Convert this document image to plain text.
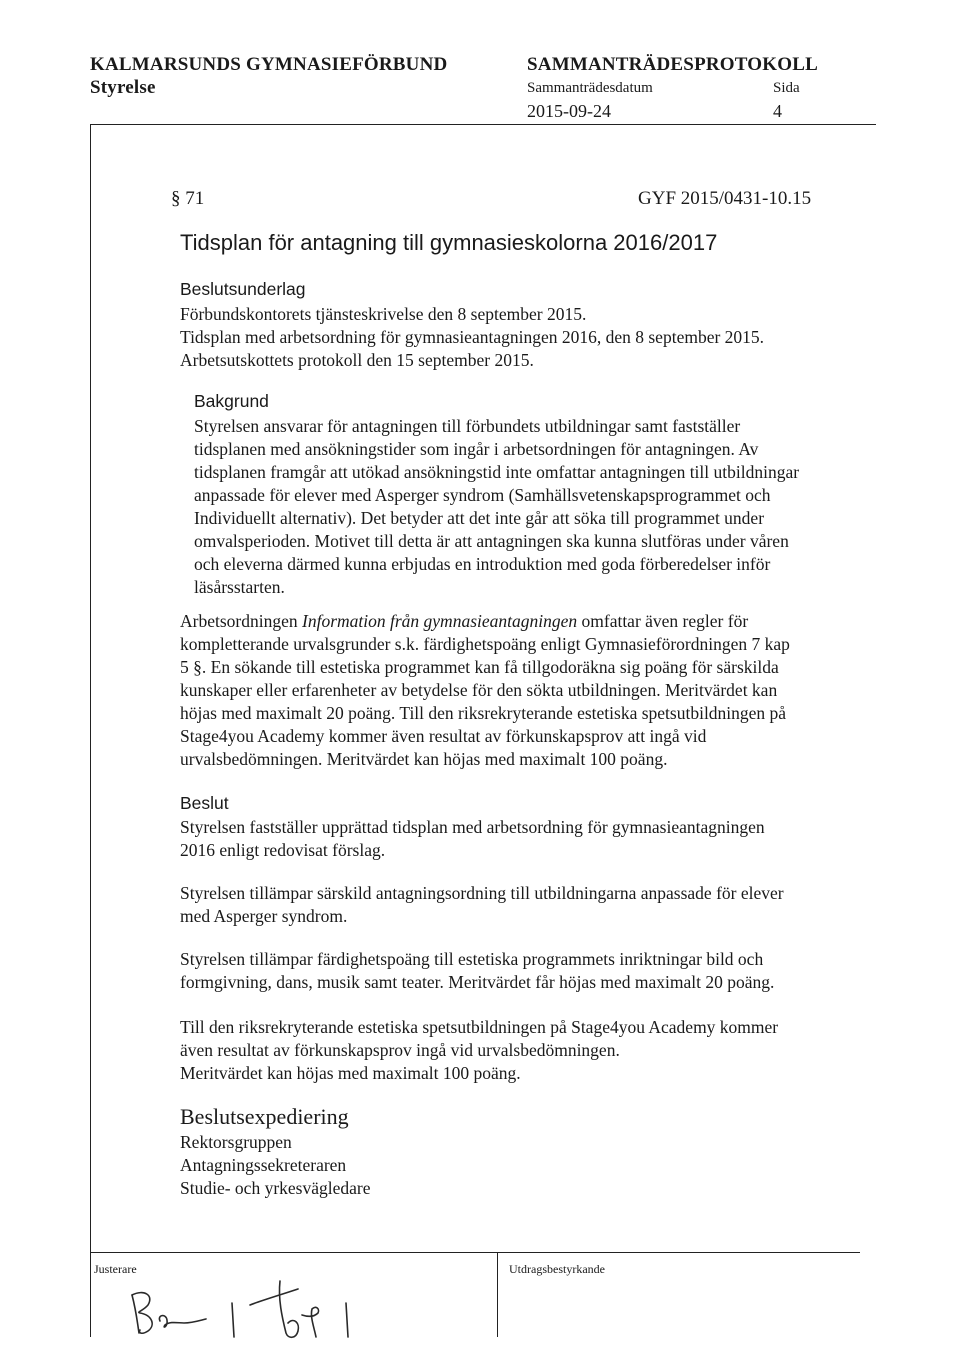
KALMARSUNDS GYMNASIEFÖRBUND
Styrelse
SAMMANTRÄDESPROTOKOLL
Sammanträdesdatum	Sida
2015-09-24	4
§ 71	GYF 2015/0431-10.15
Tidsplan för antagning till gymnasieskolorna 2016/2017
Beslutsunderlag
Förbundskontorets tjänsteskrivelse den 8 september 2015.
Tidsplan med arbetsordning för gymnasieantagningen 2016, den 8 september 2015.
Arbetsutskottets protokoll den 15 september 2015.
Bakgrund
Styrelsen ansvarar för antagningen till förbundets utbildningar samt fastställer
tidsplanen med ansökningstider som ingår i arbetsordningen för antagningen. Av
tidsplanen framgår att utökad ansökningstid inte omfattar antagningen till utbildningar
anpassade för elever med Asperger syndrom (Samhällsvetenskapsprogrammet och
Individuellt alternativ). Det betyder att det inte går att söka till programmet under
omvalsperioden. Motivet till detta är att antagningen ska kunna slutföras under våren
och eleverna därmed kunna erbjudas en introduktion med goda förberedelser inför
läsårsstarten.
Arbetsordningen Information från gymnasieantagningen omfattar även regler för
kompletterande urvalsgrunder s.k. färdighetspoäng enligt Gymnasieförordningen 7 kap
5 §. En sökande till estetiska programmet kan få tillgodoräkna sig poäng för särskilda
kunskaper eller erfarenheter av betydelse för den sökta utbildningen. Meritvärdet kan
höjas med maximalt 20 poäng. Till den riksrekryterande estetiska spetsutbildningen på
Stage4you Academy kommer även resultat av förkunskapsprov att ingå vid
urvalsbedömningen. Meritvärdet kan höjas med maximalt 100 poäng.
Beslut
Styrelsen fastställer upprättad tidsplan med arbetsordning för gymnasieantagningen
2016 enligt redovisat förslag.
Styrelsen tillämpar särskild antagningsordning till utbildningarna anpassade för elever
med Asperger syndrom.
Styrelsen tillämpar färdighetspoäng till estetiska programmets inriktningar bild och
formgivning, dans, musik samt teater. Meritvärdet får höjas med maximalt 20 poäng.
Till den riksrekryterande estetiska spetsutbildningen på Stage4you Academy kommer
även resultat av förkunskapsprov ingå vid urvalsbedömningen.
Meritvärdet kan höjas med maximalt 100 poäng.
Beslutsexpediering
Rektorsgruppen
Antagningssekreteraren
Studie- och yrkesvägledare
Justerare	Utdragsbestyrkande
